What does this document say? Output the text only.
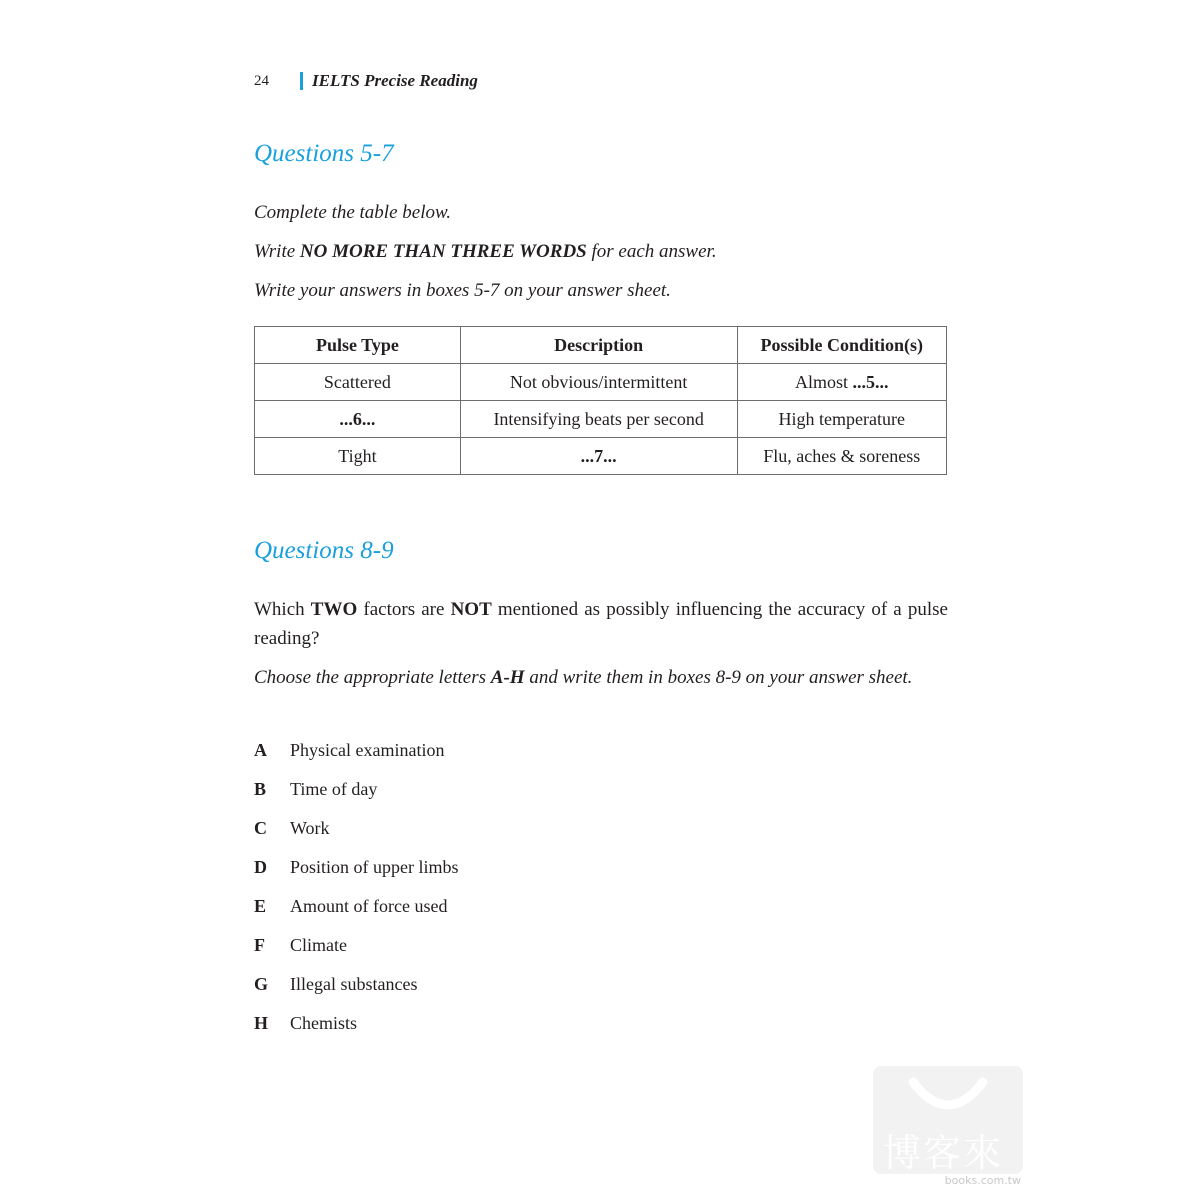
24	IELTS Precise Reading
Questions 5-7

Complete the table below.

Write NO MORE THAN THREE WORDS for each answer.

Write your answers in boxes 5-7 on your answer sheet.

Pulse Type	Description	Possible Condition(s)
Scattered	Not obvious/intermittent	Almost ...5...
...6...	Intensifying beats per second	High temperature
Tight	...7...	Flu, aches & soreness
Questions 8-9

Which TWO factors are NOT mentioned as possibly influencing the accuracy of a pulse reading?

Choose the appropriate letters A-H and write them in boxes 8-9 on your answer sheet.

A	Physical examination
B	Time of day
C	Work
D	Position of upper limbs
E	Amount of force used
F	Climate
G	Illegal substances
H	Chemists
博客來
books.com.tw
